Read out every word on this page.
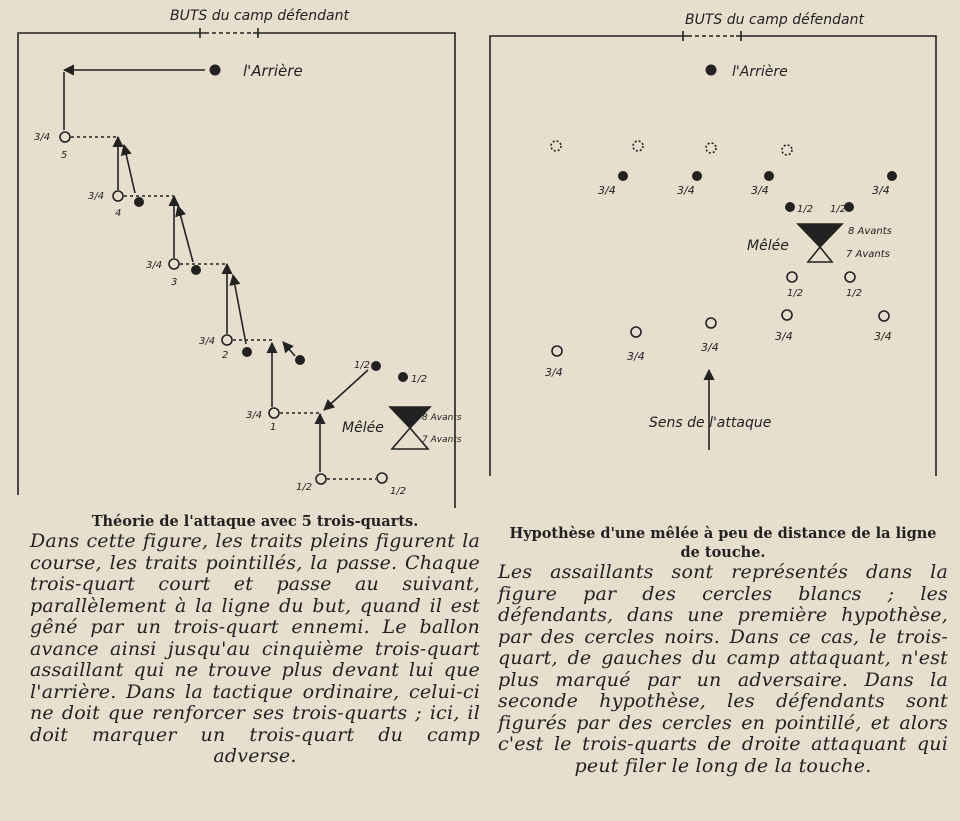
BUTS du camp défendant
l'Arrière
3/4
5
3/4
4
3/4
3
3/4
2
3/4
1
1/2
1/2
1/2	1/2
Mêlée
8 Avants
7 Avants
BUTS du camp défendant
l'Arrière
3/4	3/4	3/4	3/4
1/2 1/2
8 Avants
Mêlée
7 Avants
1/2	1/2
3/4
3/4
3/4
3/4	3/4
Sens de l'attaque

Théorie de l'attaque avec 5 trois-quarts.

Dans cette figure, les traits pleins figurent la course, les traits pointillés, la passe. Chaque trois-quart court et passe au suivant, parallèlement à la ligne du but, quand il est gêné par un trois-quart ennemi. Le ballon avance ainsi jusqu'au cinquième trois-quart assaillant qui ne trouve plus devant lui que l'arrière. Dans la tactique ordinaire, celui-ci ne doit que renforcer ses trois-quarts ; ici, il doit marquer un trois-quart du camp adverse.

Hypothèse d'une mêlée à peu de distance de la ligne de touche.

Les assaillants sont représentés dans la figure par des cercles blancs ; les défendants, dans une première hypothèse, par des cercles noirs. Dans ce cas, le trois-quart, de gauches du camp attaquant, n'est plus marqué par un adversaire. Dans la seconde hypothèse, les défendants sont figurés par des cercles en pointillé, et alors c'est le trois-quarts de droite attaquant qui peut filer le long de la touche.
